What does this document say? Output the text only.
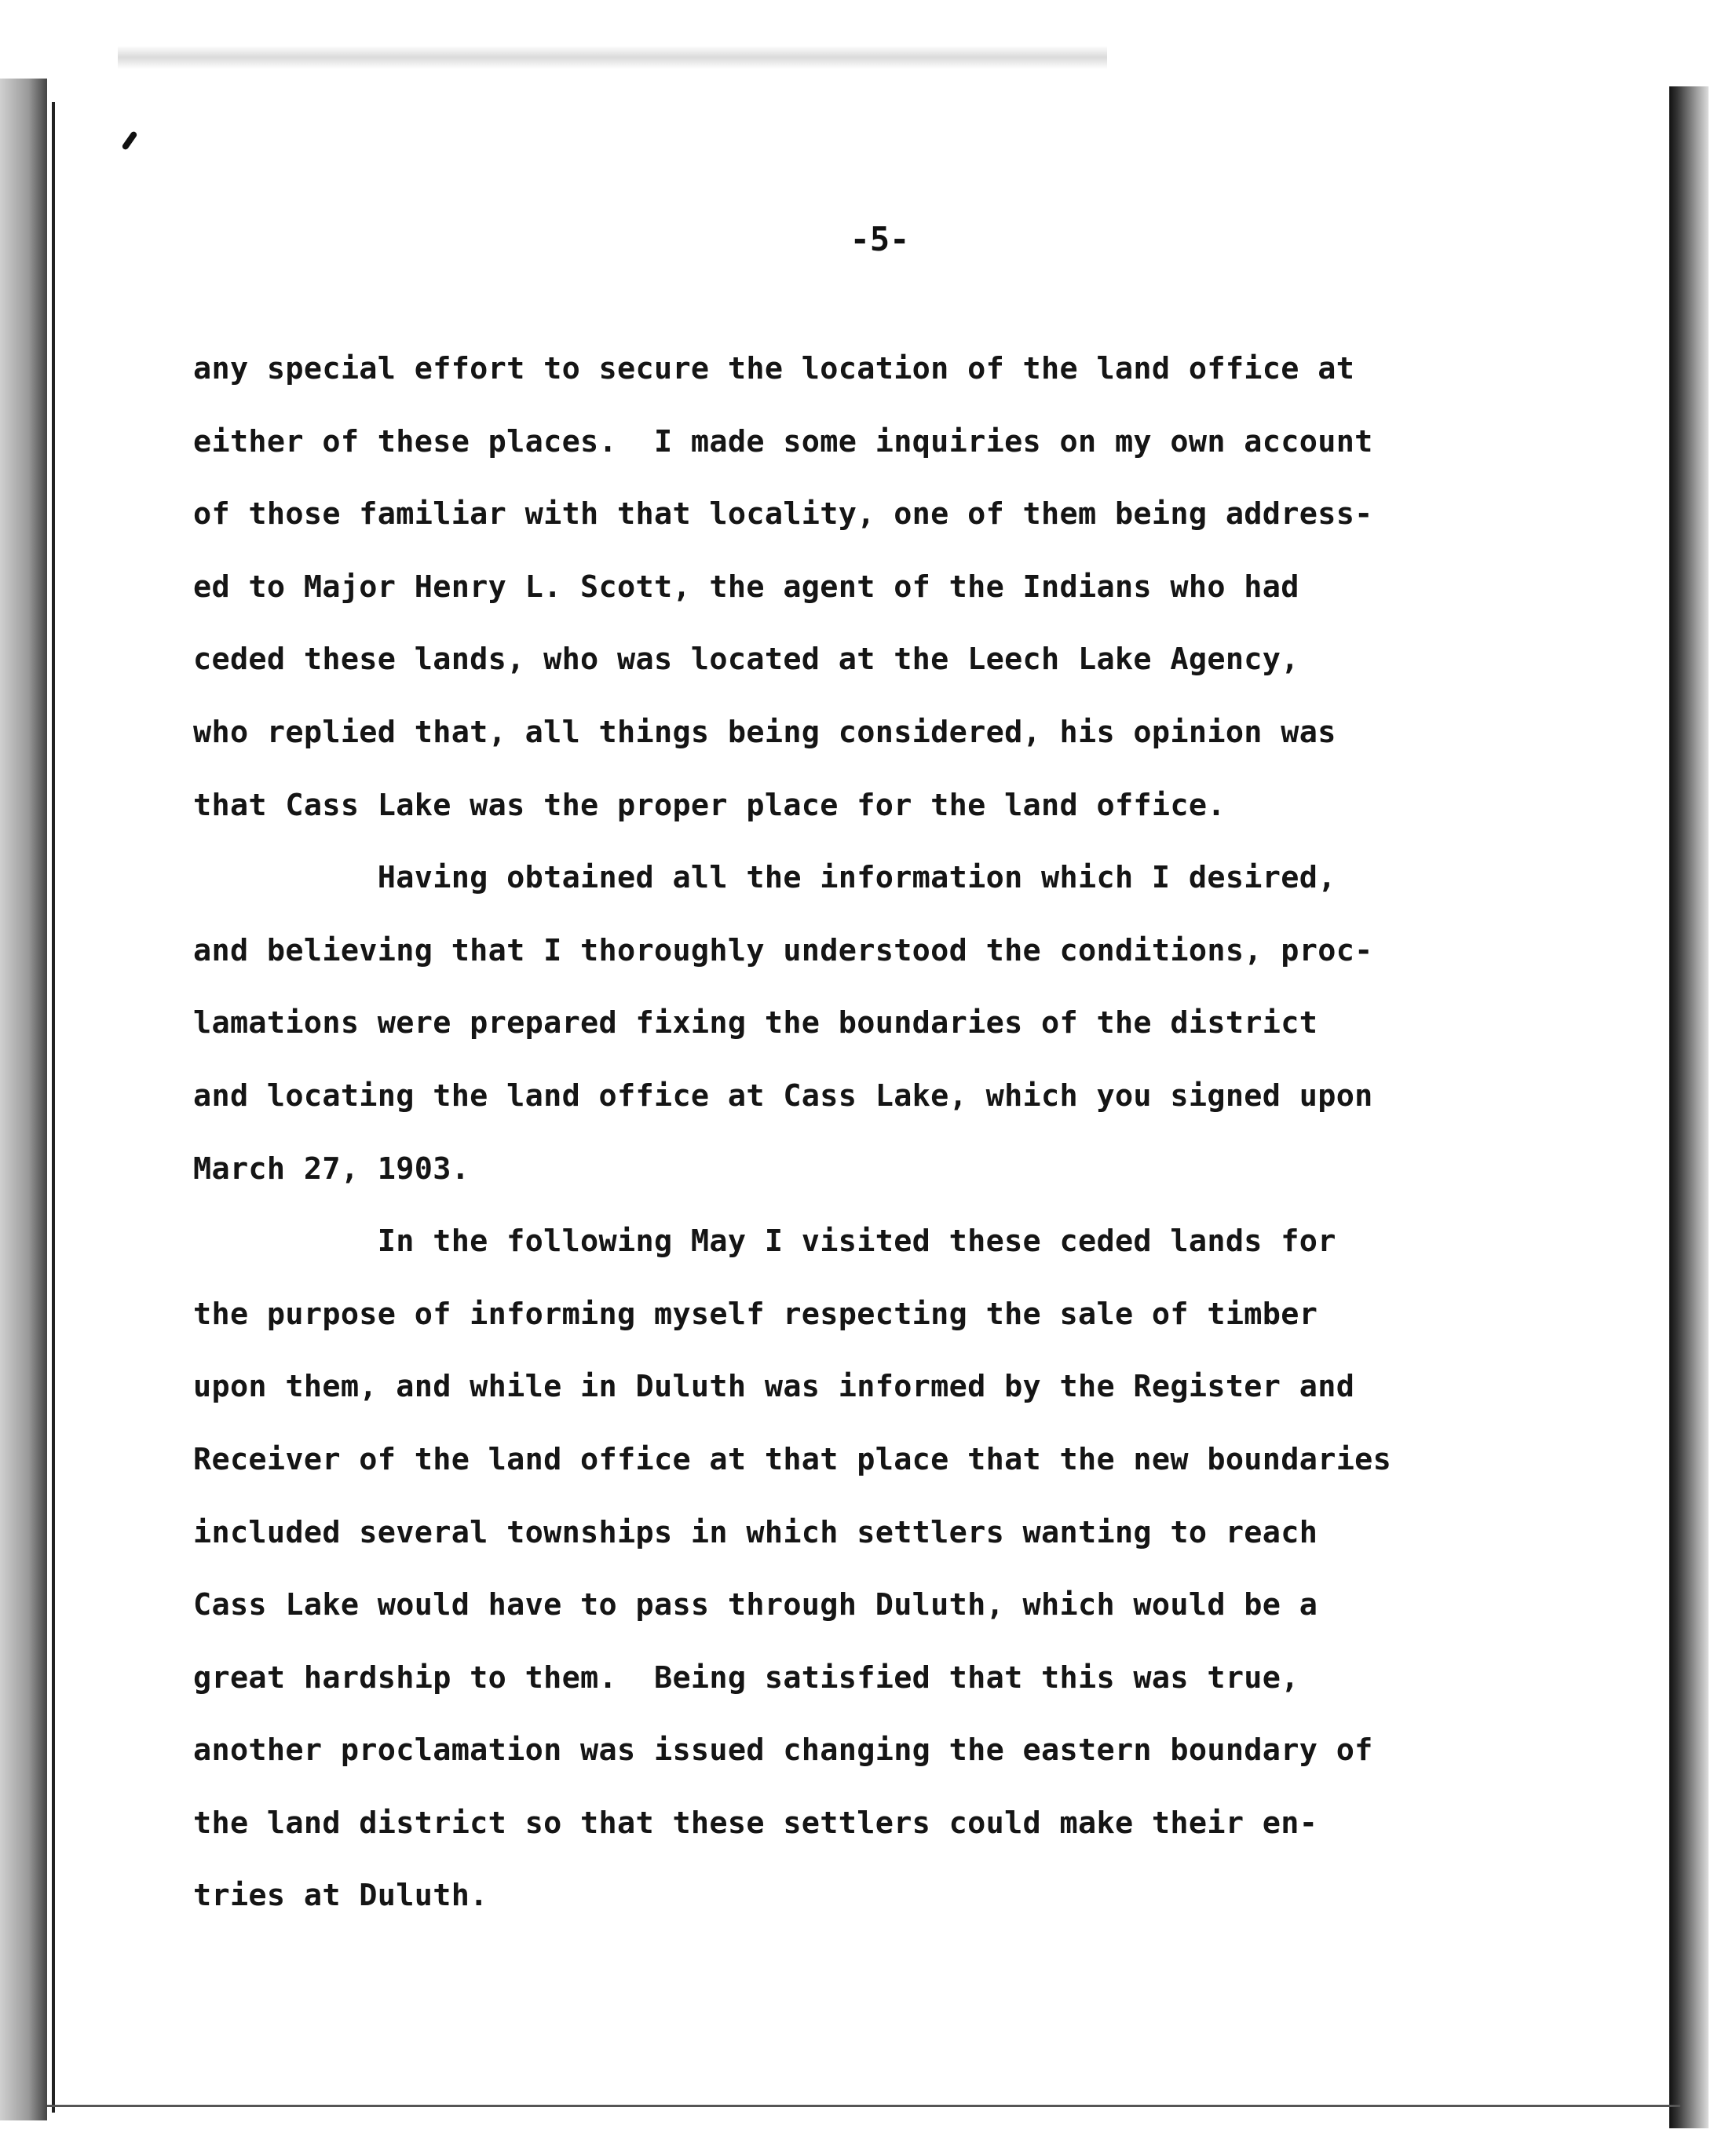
-5-
any special effort to secure the location of the land office at
either of these places.  I made some inquiries on my own account
of those familiar with that locality, one of them being address-
ed to Major Henry L. Scott, the agent of the Indians who had
ceded these lands, who was located at the Leech Lake Agency,
who replied that, all things being considered, his opinion was
that Cass Lake was the proper place for the land office.
Having obtained all the information which I desired,
and believing that I thoroughly understood the conditions, proc-
lamations were prepared fixing the boundaries of the district
and locating the land office at Cass Lake, which you signed upon
March 27, 1903.
In the following May I visited these ceded lands for
the purpose of informing myself respecting the sale of timber
upon them, and while in Duluth was informed by the Register and
Receiver of the land office at that place that the new boundaries
included several townships in which settlers wanting to reach
Cass Lake would have to pass through Duluth, which would be a
great hardship to them.  Being satisfied that this was true,
another proclamation was issued changing the eastern boundary of
the land district so that these settlers could make their en-
tries at Duluth.
